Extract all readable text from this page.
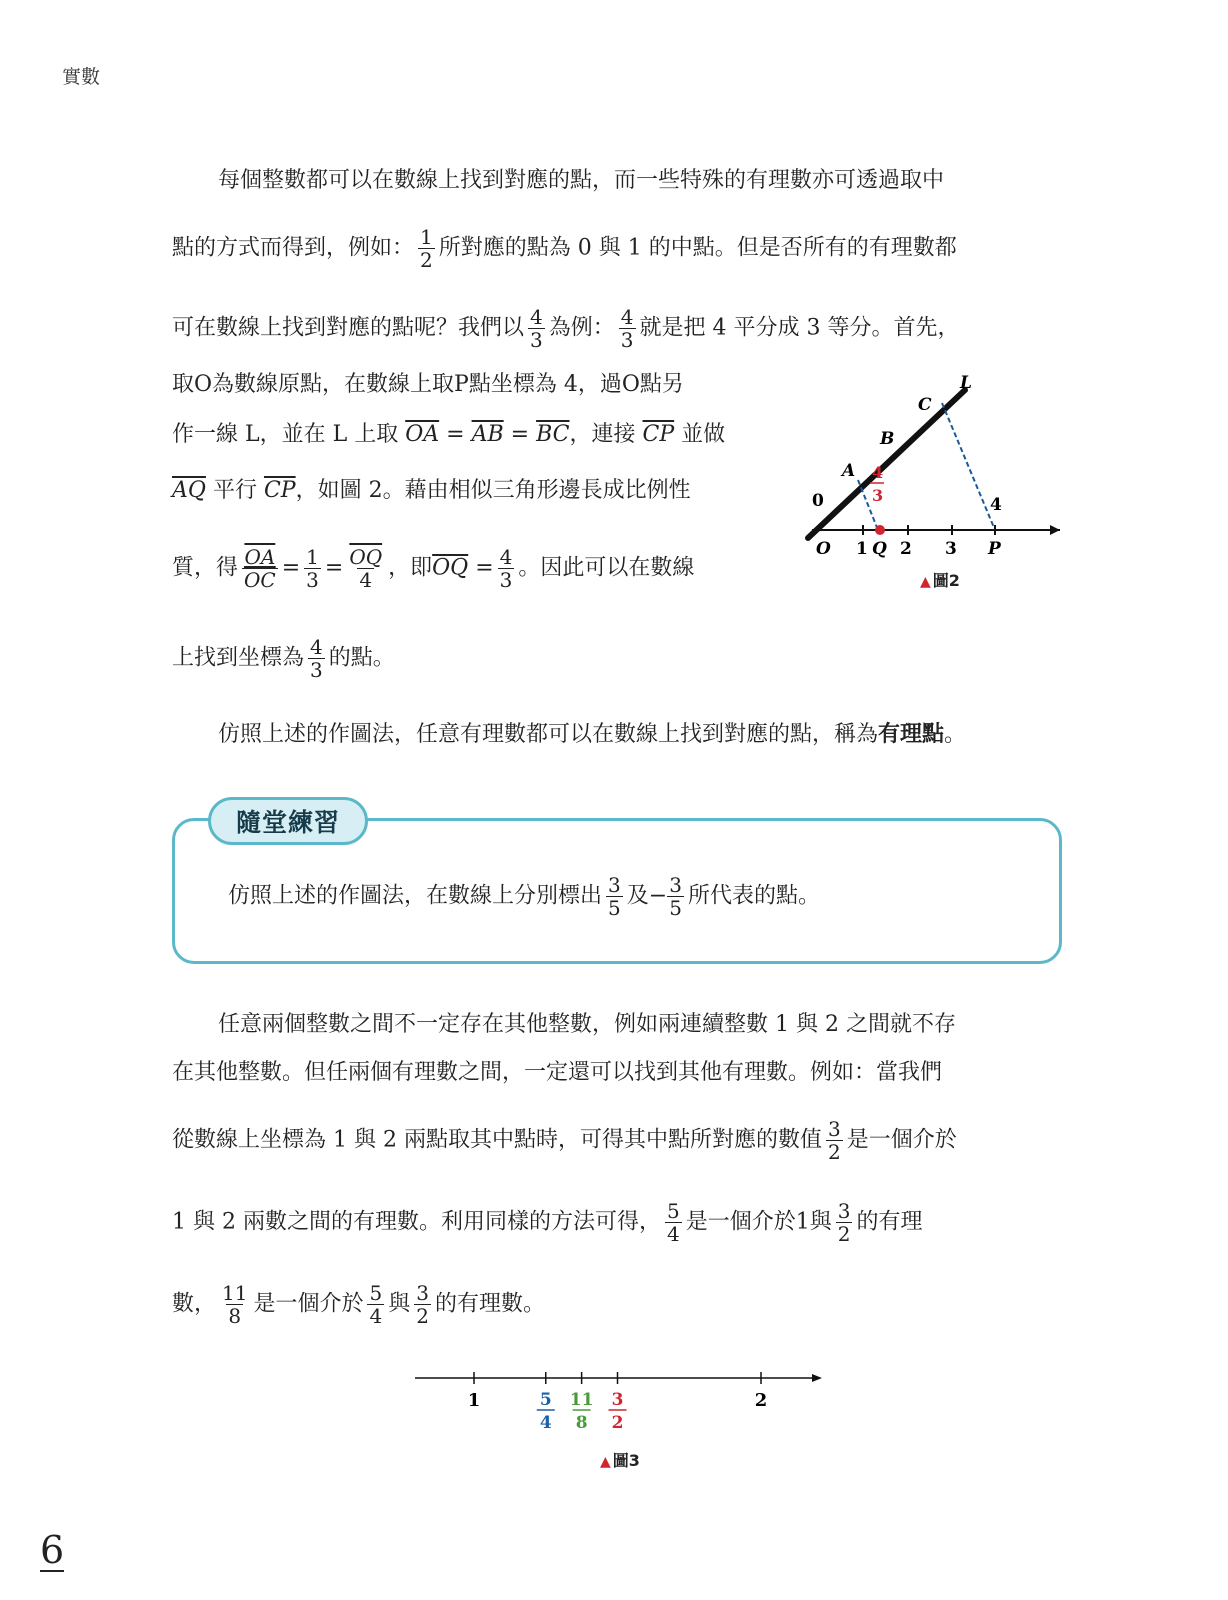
實數
每個整數都可以在數線上找到對應的點，而一些特殊的有理數亦可透過取中
點的方式而得到，例如： $\frac{1}{2}$ 所對應的點為 0 與 1 的中點。但是否所有的有理數都
可在數線上找到對應的點呢？我們以 $\frac{4}{3}$ 為例： $\frac{4}{3}$ 就是把 4 平分成 3 等分。首先，
取O為數線原點，在數線上取P點坐標為 4，過O點另
作一線 L，並在 L 上取 $\overline{OA} = \overline{AB} = \overline{BC}$，連接 $\overline{CP}$ 並做
$\overline{AQ}$ 平行 $\overline{CP}$，如圖 2。藉由相似三角形邊長成比例性
質，得 $\frac{\overline{OA}}{OC} = \frac{1}{3} = \frac{\overline{OQ}}{4}$ ，即$\overline{OQ} = \frac{4}{3}$ 。因此可以在數線
上找到坐標為 $\frac{4}{3}$ 的點。
L
C
B
A
0	4
4
3
O 1 Q 2 3 P
▲ 圖2
仿照上述的作圖法，任意有理數都可以在數線上找到對應的點，稱為有理點。
隨堂練習
仿照上述的作圖法，在數線上分別標出 $\frac{3}{5}$ 及− $\frac{3}{5}$ 所代表的點。
任意兩個整數之間不一定存在其他整數，例如兩連續整數 1 與 2 之間就不存
在其他整數。但任兩個有理數之間，一定還可以找到其他有理數。例如：當我們
從數線上坐標為 1 與 2 兩點取其中點時，可得其中點所對應的數值 $\frac{3}{2}$ 是一個介於
1 與 2 兩數之間的有理數。利用同樣的方法可得， $\frac{5}{4}$ 是一個介於1與 $\frac{3}{2}$ 的有理
數， $\frac{11}{8}$ 是一個介於 $\frac{5}{4}$ 與 $\frac{3}{2}$ 的有理數。
1	2
5
4
11
8
3
2
▲ 圖3
6
